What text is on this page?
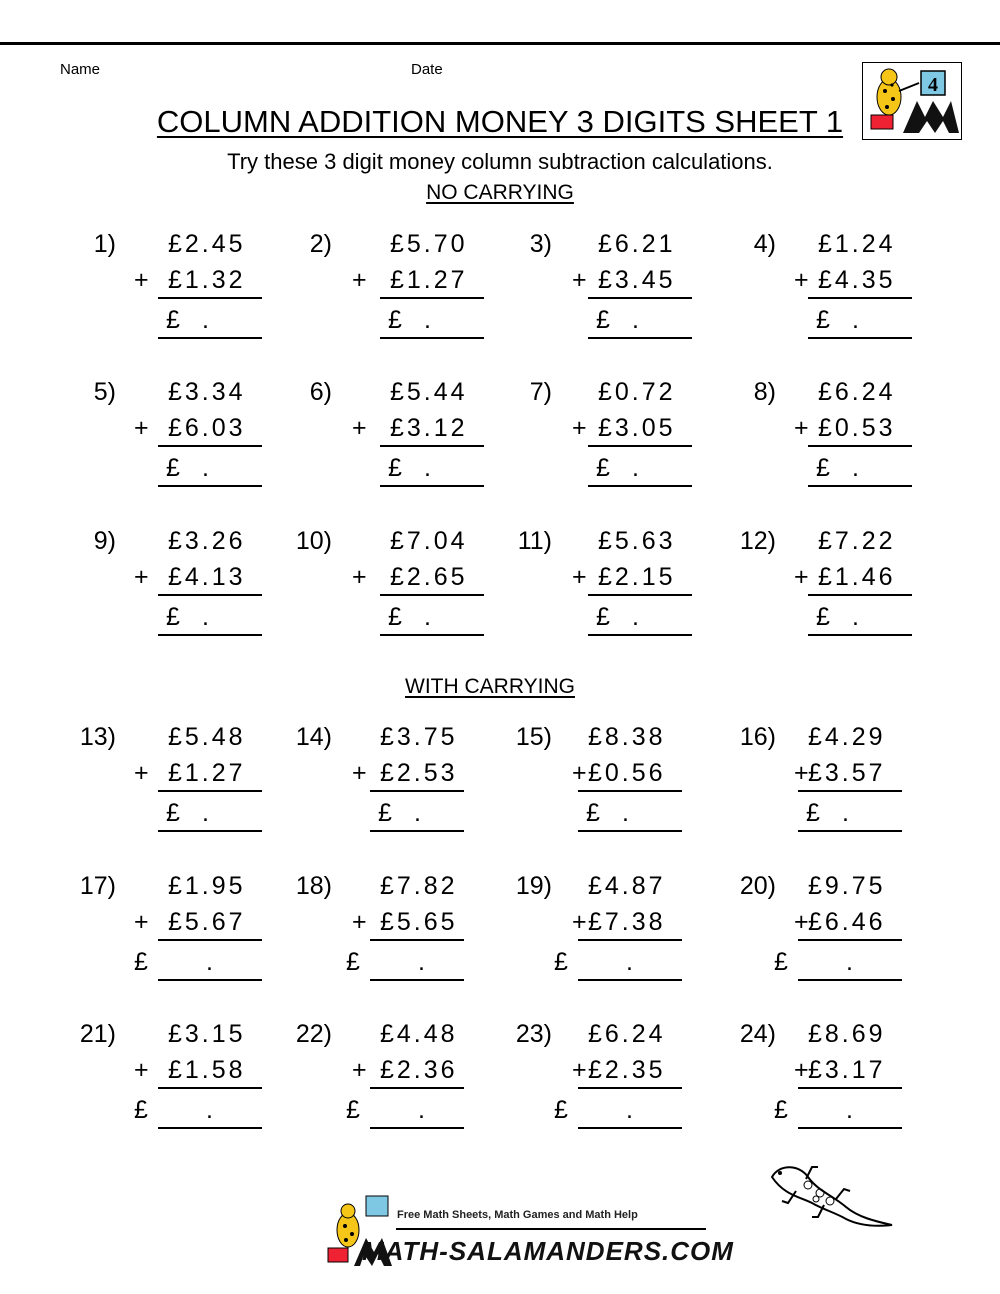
Name	Date
4
COLUMN ADDITION MONEY 3 DIGITS SHEET 1
Try these 3 digit money column subtraction calculations.
NO CARRYING
WITH CARRYING
1) £2.45
+ £1.32
£ .
2) £5.70
+ £1.27
£ .
3) £6.21
+ £3.45
£ .
4) £1.24
+ £4.35
£ .
5) £3.34
+ £6.03
£ .
6) £5.44
+ £3.12
£ .
7) £0.72
+ £3.05
£ .
8) £6.24
+ £0.53
£ .
9) £3.26
+ £4.13
£ .
10) £7.04
+ £2.65
£ .
11) £5.63
+ £2.15
£ .
12) £7.22
+ £1.46
£ .
13) £5.48
+ £1.27
£ .
14) £3.75
+ £2.53
£ .
15) £8.38
+ £0.56
£ .
16) £4.29
+ £3.57
£ .
17) £1.95
+ £5.67
£ .
18) £7.82
+ £5.65
£ .
19) £4.87
+ £7.38
£ .
20) £9.75
+ £6.46
£ .
21) £3.15
+ £1.58
£ .
22) £4.48
+ £2.36
£ .
23) £6.24
+ £2.35
£ .
24) £8.69
+ £3.17
£ .
Free Math Sheets, Math Games and Math Help
MATH-SALAMANDERS.COM
